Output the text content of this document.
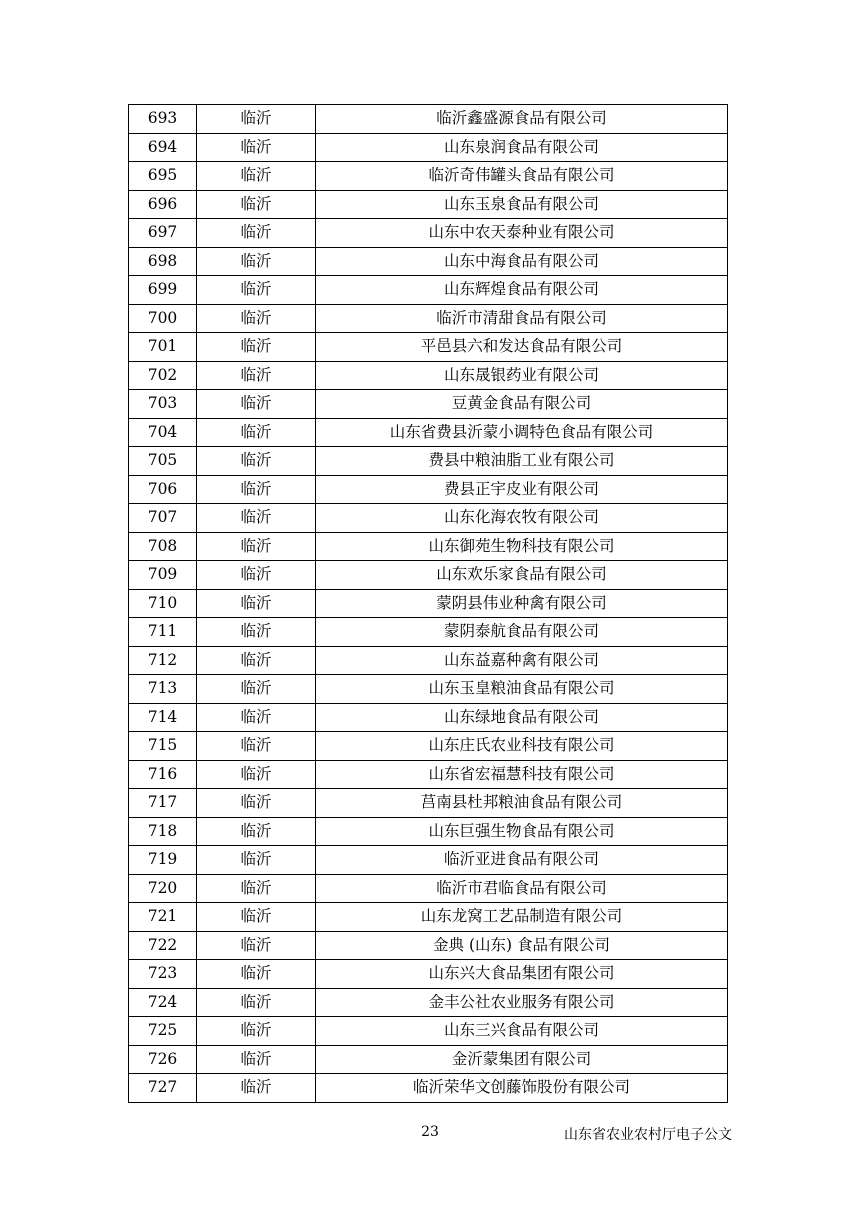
693	临沂	临沂鑫盛源食品有限公司
694	临沂	山东泉润食品有限公司
695	临沂	临沂奇伟罐头食品有限公司
696	临沂	山东玉泉食品有限公司
697	临沂	山东中农天泰种业有限公司
698	临沂	山东中海食品有限公司
699	临沂	山东辉煌食品有限公司
700	临沂	临沂市清甜食品有限公司
701	临沂	平邑县六和发达食品有限公司
702	临沂	山东晟银药业有限公司
703	临沂	豆黄金食品有限公司
704	临沂	山东省费县沂蒙小调特色食品有限公司
705	临沂	费县中粮油脂工业有限公司
706	临沂	费县正宇皮业有限公司
707	临沂	山东化海农牧有限公司
708	临沂	山东御苑生物科技有限公司
709	临沂	山东欢乐家食品有限公司
710	临沂	蒙阴县伟业种禽有限公司
711	临沂	蒙阴泰航食品有限公司
712	临沂	山东益嘉种禽有限公司
713	临沂	山东玉皇粮油食品有限公司
714	临沂	山东绿地食品有限公司
715	临沂	山东庄氏农业科技有限公司
716	临沂	山东省宏福慧科技有限公司
717	临沂	莒南县杜邦粮油食品有限公司
718	临沂	山东巨强生物食品有限公司
719	临沂	临沂亚进食品有限公司
720	临沂	临沂市君临食品有限公司
721	临沂	山东龙窝工艺品制造有限公司
722	临沂	金典 (山东) 食品有限公司
723	临沂	山东兴大食品集团有限公司
724	临沂	金丰公社农业服务有限公司
725	临沂	山东三兴食品有限公司
726	临沂	金沂蒙集团有限公司
727	临沂	临沂荣华文创藤饰股份有限公司
23	山东省农业农村厅电子公文
